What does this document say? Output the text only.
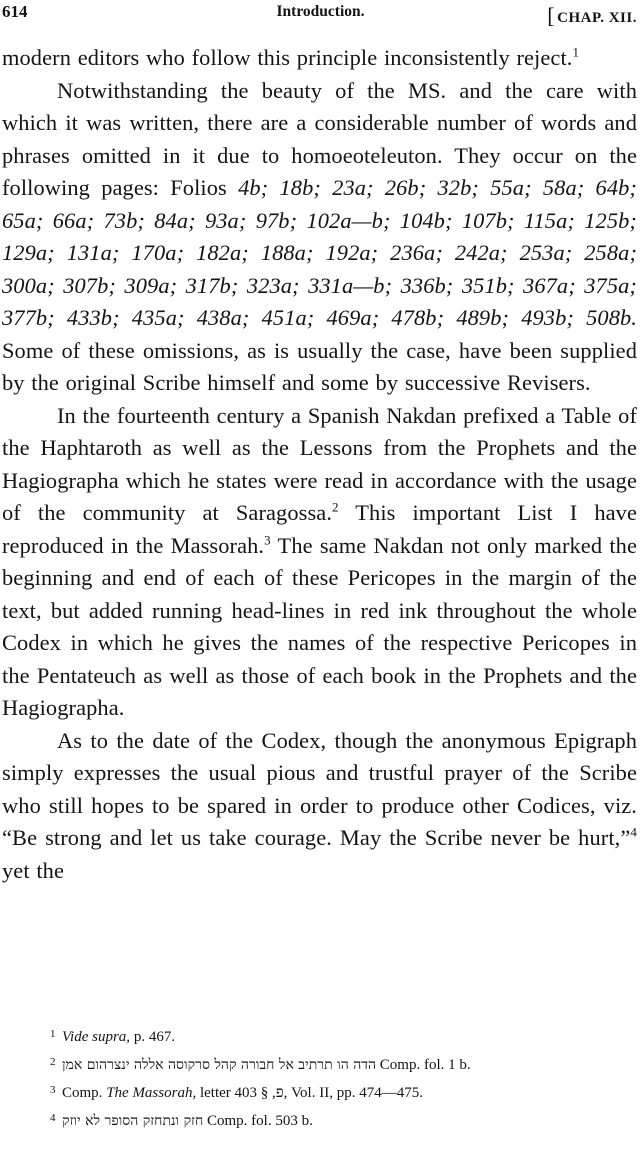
614	Introduction.	[ CHAP. XII.

modern editors who follow this principle inconsistently reject.$^1$

Notwithstanding the beauty of the MS. and the care with which it was written, there are a considerable number of words and phrases omitted in it due to homoeoteleuton. They occur on the following pages: Folios 4b; 18b; 23a; 26b; 32b; 55a; 58a; 64b; 65a; 66a; 73b; 84a; 93a; 97b; 102a—b; 104b; 107b; 115a; 125b; 129a; 131a; 170a; 182a; 188a; 192a; 236a; 242a; 253a; 258a; 300a; 307b; 309a; 317b; 323a; 331a—b; 336b; 351b; 367a; 375a; 377b; 433b; 435a; 438a; 451a; 469a; 478b; 489b; 493b; 508b. Some of these omissions, as is usually the case, have been supplied by the original Scribe himself and some by successive Revisers.

In the fourteenth century a Spanish Nakdan prefixed a Table of the Haphtaroth as well as the Lessons from the Prophets and the Hagiographa which he states were read in accordance with the usage of the community at Saragossa.$^2$ This important List I have reproduced in the Massorah.$^3$ The same Nakdan not only marked the beginning and end of each of these Pericopes in the margin of the text, but added running head-lines in red ink throughout the whole Codex in which he gives the names of the respective Pericopes in the Pentateuch as well as those of each book in the Prophets and the Hagiographa.

As to the date of the Codex, though the anonymous Epigraph simply expresses the usual pious and trustful prayer of the Scribe who still hopes to be spared in order to produce other Codices, viz. “Be strong and let us take courage. May the Scribe never be hurt,”$^4$ yet the

1 Vide supra, p. 467.
2 הדה הו תרתיב אל חבורה קהל סרקוסה אללה ינצרהום אמן Comp. fol. 1 b.
3 Comp. The Massorah, letter פ, § 403, Vol. II, pp. 474—475.
4 חזק ונתחזק הסופר לא יוזק Comp. fol. 503 b.
